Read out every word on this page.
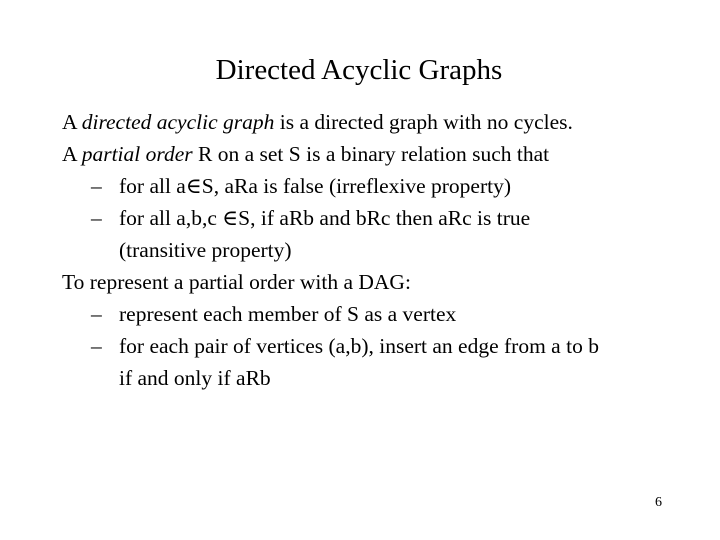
Directed Acyclic Graphs
A directed acyclic graph is a directed graph with no cycles.
A partial order R on a set S is a binary relation such that
– for all a∈S, aRa is false (irreflexive property)
– for all a,b,c ∈S, if aRb and bRc then aRc is true
(transitive property)
To represent a partial order with a DAG:
– represent each member of S as a vertex
– for each pair of vertices (a,b), insert an edge from a to b
if and only if aRb
6
